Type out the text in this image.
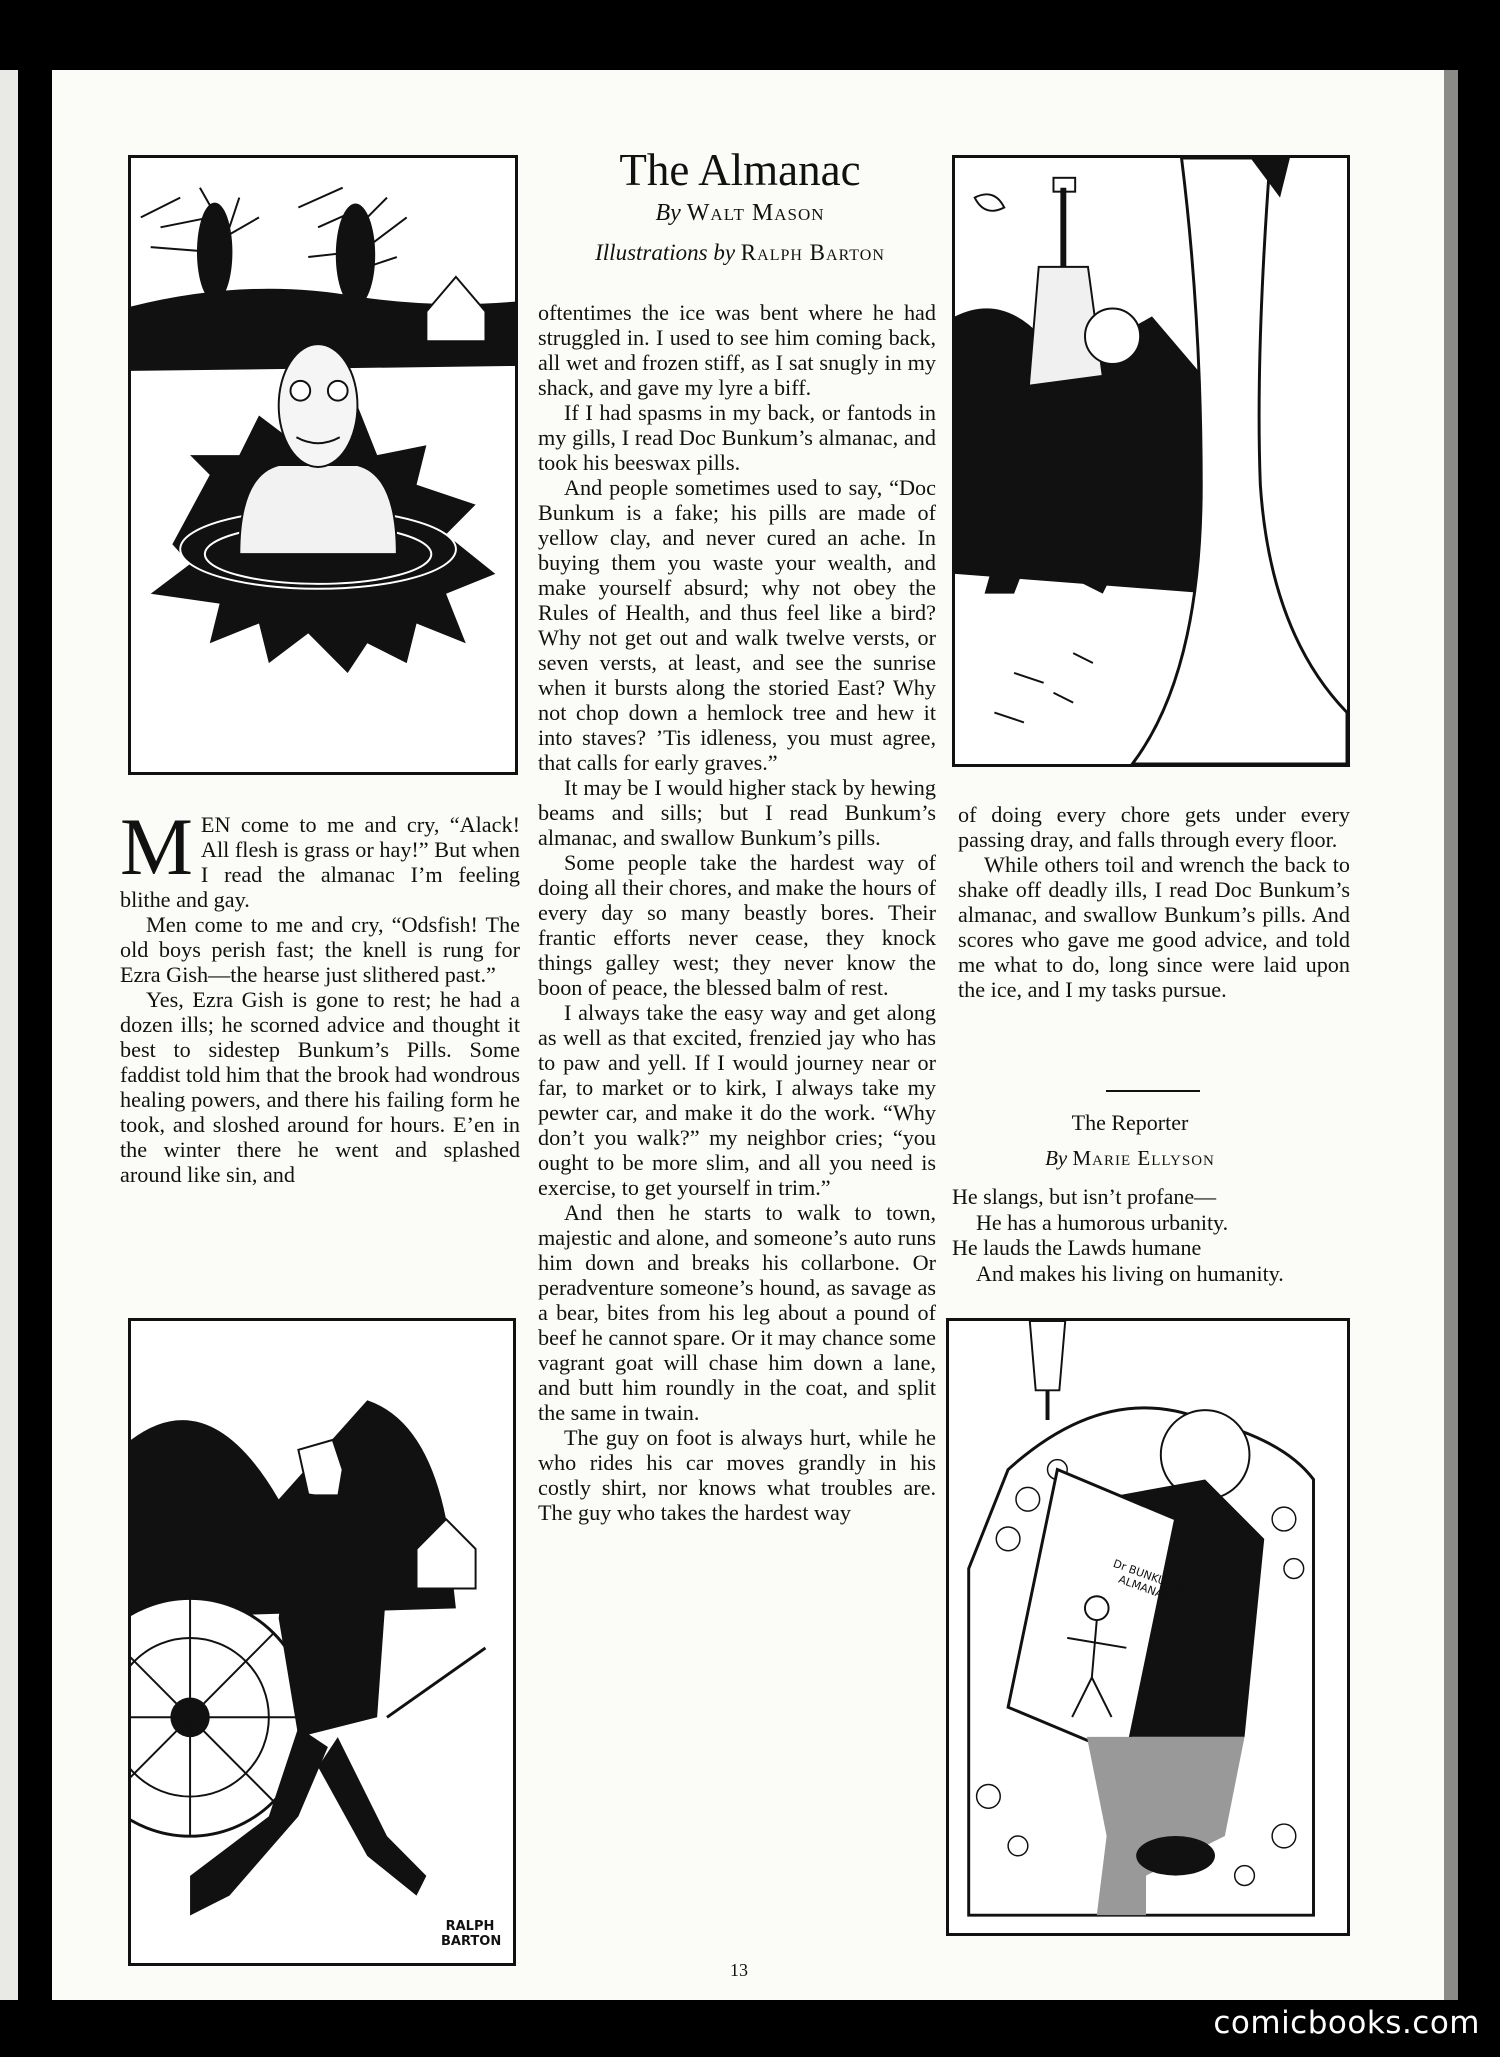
RALPH BARTON
Dr BUNKUM'S ALMANAC
The Almanac
By Walt Mason
Illustrations by Ralph Barton

MEN come to me and cry, “Alack! All flesh is grass or hay!” But when I read the almanac I’m feeling blithe and gay.

Men come to me and cry, “Odsfish! The old boys perish fast; the knell is rung for Ezra Gish—the hearse just slithered past.”

Yes, Ezra Gish is gone to rest; he had a dozen ills; he scorned advice and thought it best to sidestep Bunkum’s Pills. Some faddist told him that the brook had wondrous healing powers, and there his failing form he took, and sloshed around for hours. E’en in the winter there he went and splashed around like sin, and

oftentimes the ice was bent where he had struggled in. I used to see him coming back, all wet and frozen stiff, as I sat snugly in my shack, and gave my lyre a biff.

If I had spasms in my back, or fantods in my gills, I read Doc Bunkum’s almanac, and took his beeswax pills.

And people sometimes used to say, “Doc Bunkum is a fake; his pills are made of yellow clay, and never cured an ache. In buying them you waste your wealth, and make yourself absurd; why not obey the Rules of Health, and thus feel like a bird? Why not get out and walk twelve versts, or seven versts, at least, and see the sunrise when it bursts along the storied East? Why not chop down a hemlock tree and hew it into staves? ’Tis idleness, you must agree, that calls for early graves.”

It may be I would higher stack by hewing beams and sills; but I read Bunkum’s almanac, and swallow Bunkum’s pills.

Some people take the hardest way of doing all their chores, and make the hours of every day so many beastly bores. Their frantic efforts never cease, they knock things galley west; they never know the boon of peace, the blessed balm of rest.

I always take the easy way and get along as well as that excited, frenzied jay who has to paw and yell. If I would journey near or far, to market or to kirk, I always take my pewter car, and make it do the work. “Why don’t you walk?” my neighbor cries; “you ought to be more slim, and all you need is exercise, to get yourself in trim.”

And then he starts to walk to town, majestic and alone, and someone’s auto runs him down and breaks his collarbone. Or peradventure someone’s hound, as savage as a bear, bites from his leg about a pound of beef he cannot spare. Or it may chance some vagrant goat will chase him down a lane, and butt him roundly in the coat, and split the same in twain.

The guy on foot is always hurt, while he who rides his car moves grandly in his costly shirt, nor knows what troubles are. The guy who takes the hardest way

of doing every chore gets under every passing dray, and falls through every floor.

While others toil and wrench the back to shake off deadly ills, I read Doc Bunkum’s almanac, and swallow Bunkum’s pills. And scores who gave me good advice, and told me what to do, long since were laid upon the ice, and I my tasks pursue.

The Reporter
By Marie Ellyson
He slangs, but isn’t profane—
He has a humorous urbanity.
He lauds the Lawds humane
And makes his living on humanity.
13
comicbooks.com
